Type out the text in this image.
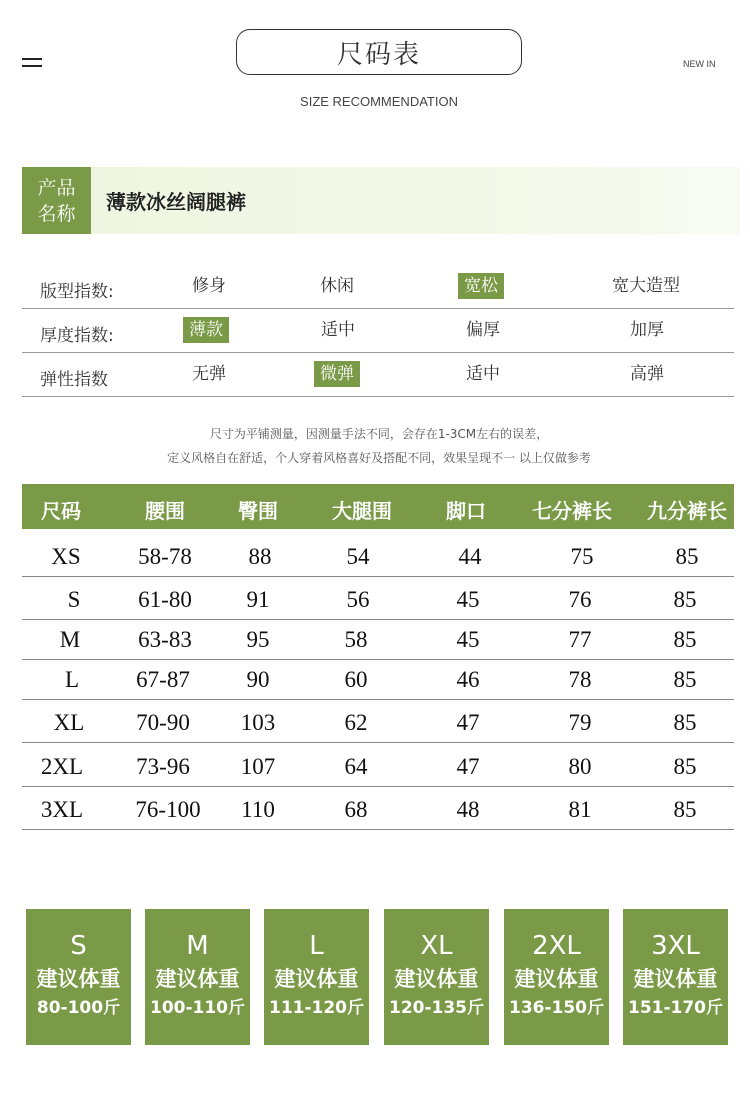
尺码表	NEW IN
SIZE RECOMMENDATION
产品
名称 薄款冰丝阔腿裤
版型指数:	修身	休闲	宽松	宽大造型
厚度指数:	薄款	适中	偏厚	加厚
弹性指数	无弹	微弹	适中	高弹
尺寸为平铺测量，因测量手法不同，会存在1-3CM左右的误差，
定义风格自在舒适，个人穿着风格喜好及搭配不同，效果呈现不一 以上仅做参考
尺码	腰围	臀围	大腿围	脚口 七分裤长 九分裤长
XS 58-78 88	54	44	75	85
S	61-80 91	56	45	76	85
M	63-83 95	58	45	77	85
L 67-87 90	60	46	78	85
XL 70-90 103	62	47	79	85
2XL 73-96 107	64	47	80	85
3XL 76-100 110	68	48	81	85
S
建议体重
80-100斤
M
建议体重
100-110斤
L
建议体重
111-120斤
XL
建议体重
120-135斤
2XL
建议体重
136-150斤
3XL
建议体重
151-170斤
